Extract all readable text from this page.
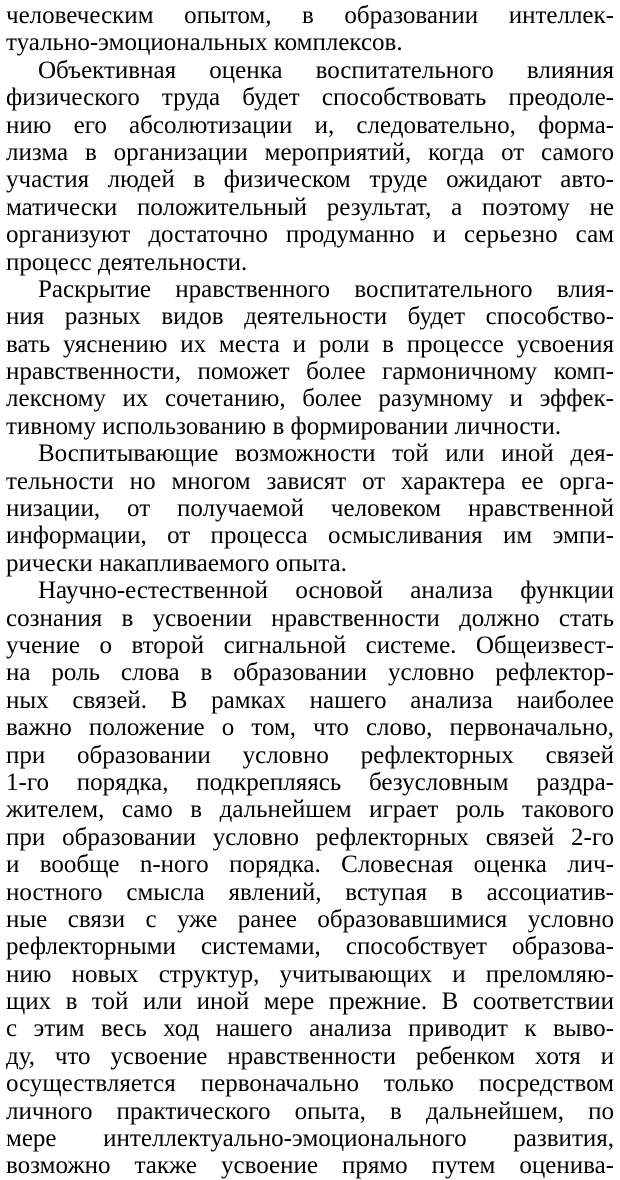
человеческим опытом, в образовании интеллек-
туально-эмоциональных комплексов.
Объективная оценка воспитательного влияния
физического труда будет способствовать преодоле-
нию его абсолютизации и, следовательно, форма-
лизма в организации мероприятий, когда от самого
участия людей в физическом труде ожидают авто-
матически положительный результат, а поэтому не
организуют достаточно продуманно и серьезно сам
процесс деятельности.
Раскрытие нравственного воспитательного влия-
ния разных видов деятельности будет способство-
вать уяснению их места и роли в процессе усвоения
нравственности, поможет более гармоничному комп-
лексному их сочетанию, более разумному и эффек-
тивному использованию в формировании личности.
Воспитывающие возможности той или иной дея-
тельности но многом зависят от характера ее орга-
низации, от получаемой человеком нравственной
информации, от процесса осмысливания им эмпи-
рически накапливаемого опыта.
Научно-естественной основой анализа функции
сознания в усвоении нравственности должно стать
учение о второй сигнальной системе. Общеизвест-
на роль слова в образовании условно рефлектор-
ных связей. В рамках нашего анализа наиболее
важно положение о том, что слово, первоначально,
при образовании условно рефлекторных связей
1-го порядка, подкрепляясь безусловным раздра-
жителем, само в дальнейшем играет роль такового
при образовании условно рефлекторных связей 2-го
и вообще n-ного порядка. Словесная оценка лич-
ностного смысла явлений, вступая в ассоциатив-
ные связи с уже ранее образовавшимися условно
рефлекторными системами, способствует образова-
нию новых структур, учитывающих и преломляю-
щих в той или иной мере прежние. В соответствии
с этим весь ход нашего анализа приводит к выво-
ду, что усвоение нравственности ребенком хотя и
осуществляется первоначально только посредством
личного практического опыта, в дальнейшем, по
мере интеллектуально-эмоционального развития,
возможно также усвоение прямо путем оценива-
